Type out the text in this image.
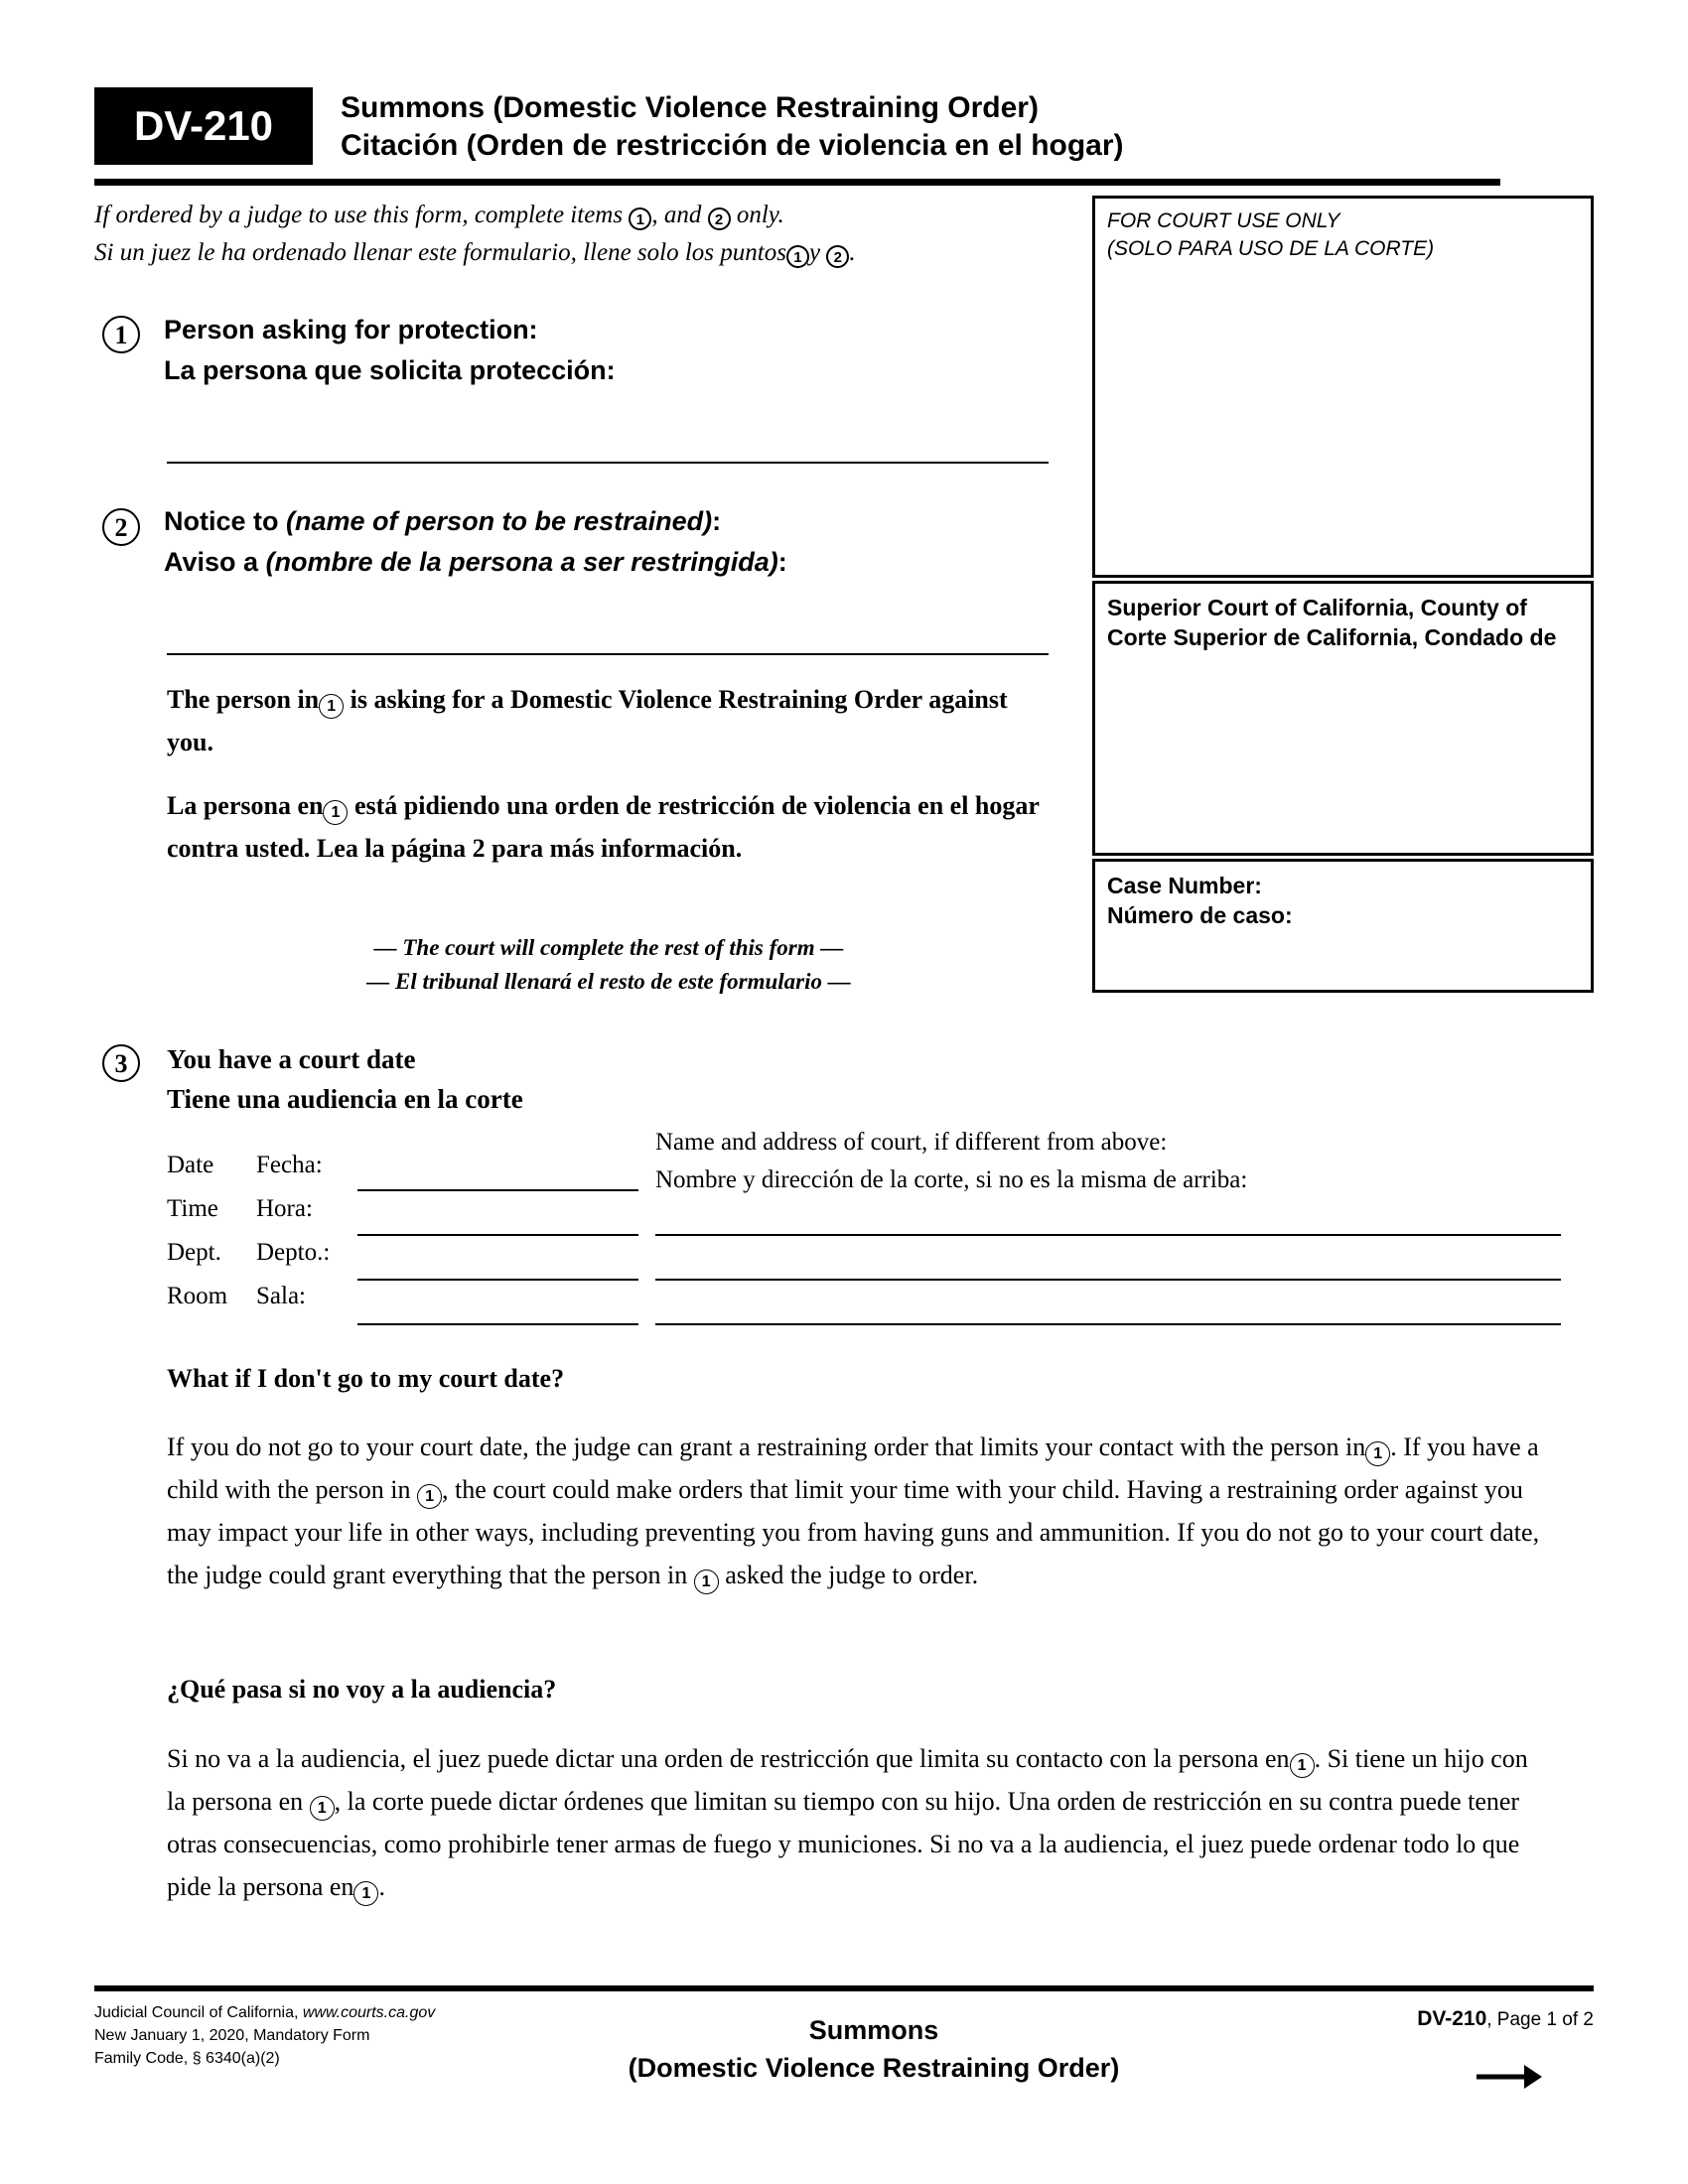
DV-210 Summons (Domestic Violence Restraining Order)
Citación (Orden de restricción de violencia en el hogar)
If ordered by a judge to use this form, complete items 1 , and 2 only.
Si un juez le ha ordenado llenar este formulario, llene solo los puntos 1 y 2 .
1	Person asking for protection:
La persona que solicita protección:
2	Notice to (name of person to be restrained):
Aviso a (nombre de la persona a ser restringida):
The person in 1 is asking for a Domestic Violence Restraining Order against you.
La persona en 1 está pidiendo una orden de restricción de violencia en el hogar contra usted. Lea la página 2 para más información.
— The court will complete the rest of this form —
— El tribunal llenará el resto de este formulario —
FOR COURT USE ONLY
(SOLO PARA USO DE LA CORTE)
Superior Court of California, County of
Corte Superior de California, Condado de
Case Number:
Número de caso:
3	You have a court date
Tiene una audiencia en la corte
Date	Fecha:
Time	Hora:
Dept.	Depto.:
Room	Sala:
Name and address of court, if different from above:
Nombre y dirección de la corte, si no es la misma de arriba:
What if I don't go to my court date?
If you do not go to your court date, the judge can grant a restraining order that limits your contact with the person in 1 . If you have a child with the person in 1 , the court could make orders that limit your time with your child. Having a restraining order against you may impact your life in other ways, including preventing you from having guns and ammunition. If you do not go to your court date, the judge could grant everything that the person in 1 asked the judge to order.
¿Qué pasa si no voy a la audiencia?
Si no va a la audiencia, el juez puede dictar una orden de restricción que limita su contacto con la persona en 1 . Si tiene un hijo con la persona en 1 , la corte puede dictar órdenes que limitan su tiempo con su hijo. Una orden de restricción en su contra puede tener otras consecuencias, como prohibirle tener armas de fuego y municiones. Si no va a la audiencia, el juez puede ordenar todo lo que pide la persona en 1 .
Judicial Council of California, www.courts.ca.gov
New January 1, 2020, Mandatory Form
Family Code, § 6340(a)(2)
Summons
(Domestic Violence Restraining Order)
DV-210, Page 1 of 2
